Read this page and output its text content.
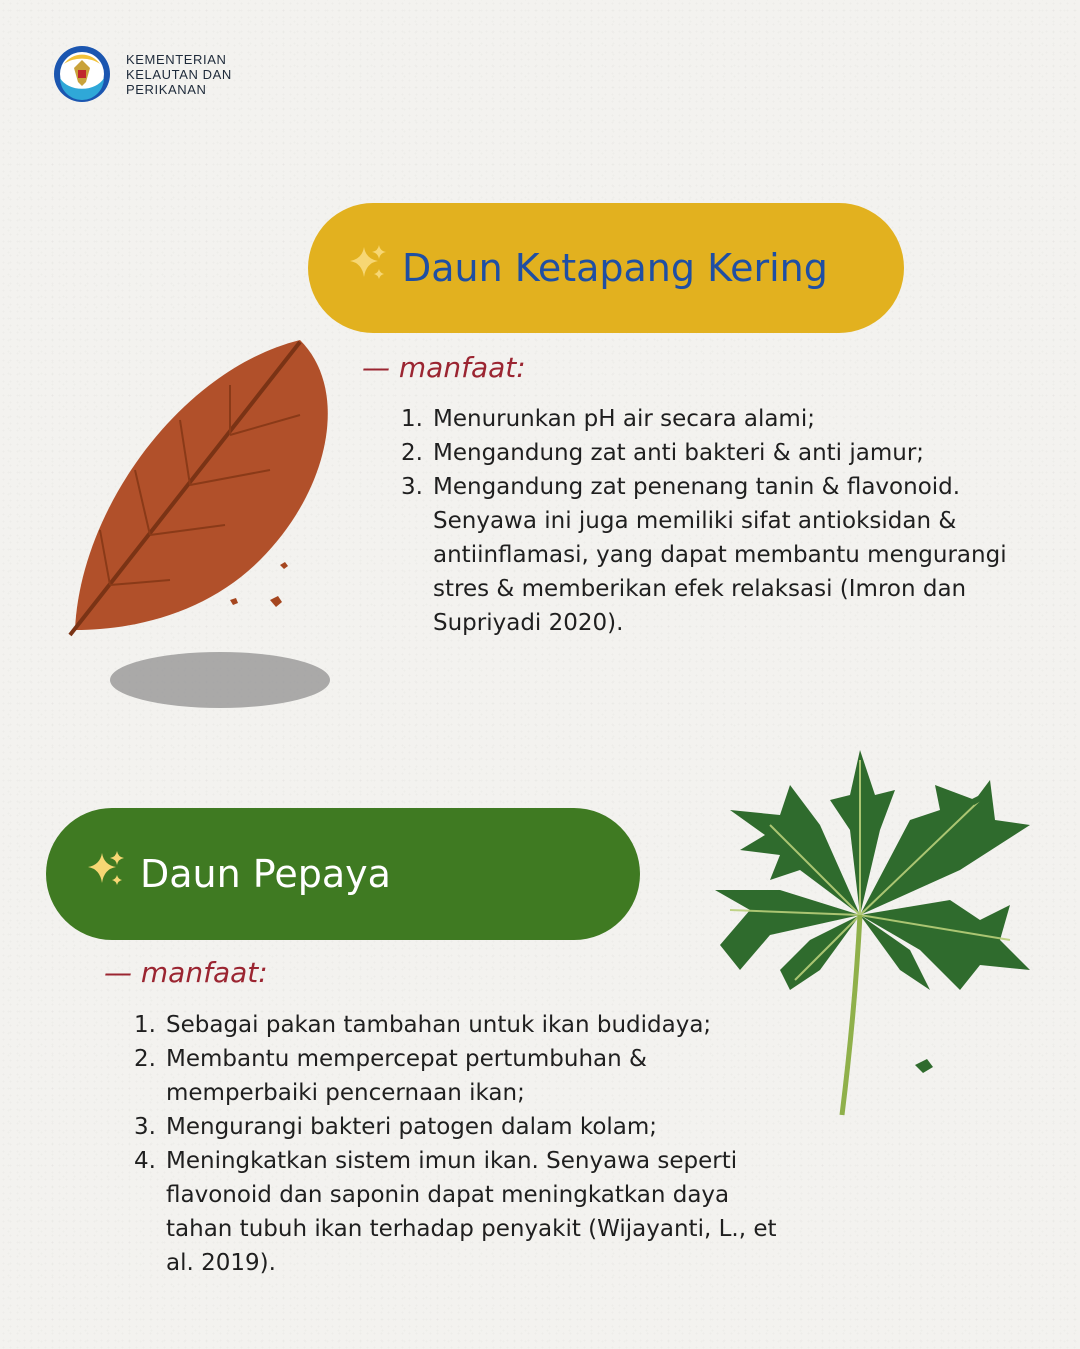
KEMENTERIAN
KELAUTAN DAN
PERIKANAN
Daun Ketapang Kering
— manfaat:
1. Menurunkan pH air secara alami;
2. Mengandung zat anti bakteri & anti jamur;
3. Mengandung zat penenang tanin & flavonoid. Senyawa ini juga memiliki sifat antioksidan & antiinflamasi, yang dapat membantu mengurangi stres & memberikan efek relaksasi (Imron dan Supriyadi 2020).
Daun Pepaya
— manfaat:
1. Sebagai pakan tambahan untuk ikan budidaya;
2. Membantu mempercepat pertumbuhan & memperbaiki pencernaan ikan;
3. Mengurangi bakteri patogen dalam kolam;
4. Meningkatkan sistem imun ikan. Senyawa seperti flavonoid dan saponin dapat meningkatkan daya tahan tubuh ikan terhadap penyakit (Wijayanti, L., et al. 2019).
